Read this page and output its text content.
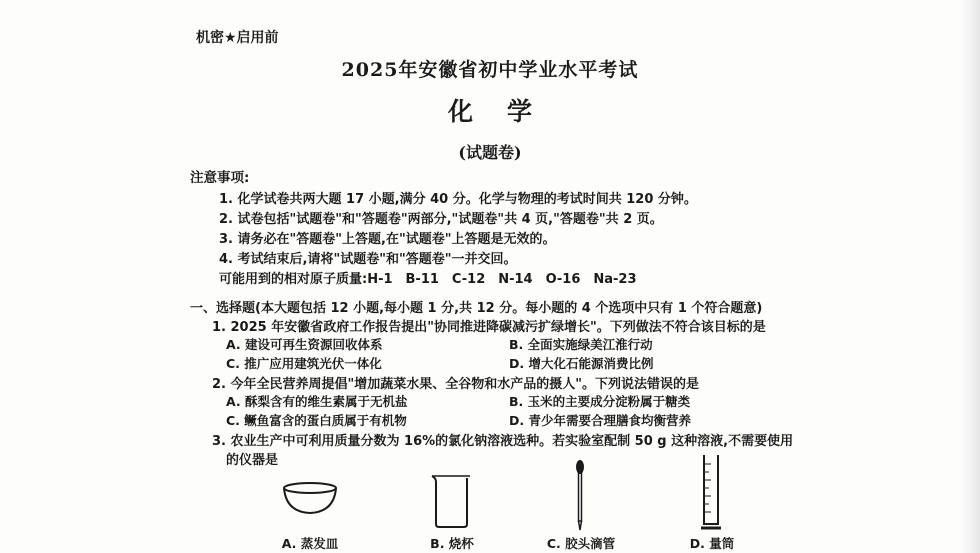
机密★启用前
2025年安徽省初中学业水平考试
化学
(试题卷)
注意事项:
1. 化学试卷共两大题 17 小题,满分 40 分。化学与物理的考试时间共 120 分钟。
2. 试卷包括"试题卷"和"答题卷"两部分,"试题卷"共 4 页,"答题卷"共 2 页。
3. 请务必在"答题卷"上答题,在"试题卷"上答题是无效的。
4. 考试结束后,请将"试题卷"和"答题卷"一并交回。
可能用到的相对原子质量:H-1　B-11　C-12　N-14　O-16　Na-23
一、选择题(本大题包括 12 小题,每小题 1 分,共 12 分。每小题的 4 个选项中只有 1 个符合题意)
1. 2025 年安徽省政府工作报告提出"协同推进降碳减污扩绿增长"。下列做法不符合该目标的是
A. 建设可再生资源回收体系	B. 全面实施绿美江淮行动
C. 推广应用建筑光伏一体化	D. 增大化石能源消费比例
2. 今年全民营养周提倡"增加蔬菜水果、全谷物和水产品的摄人"。下列说法错误的是
A. 酥梨含有的维生素属于无机盐	B. 玉米的主要成分淀粉属于糖类
C. 鳜鱼富含的蛋白质属于有机物	D. 青少年需要合理膳食均衡营养
3. 农业生产中可利用质量分数为 16%的氯化钠溶液选种。若实验室配制 50 g 这种溶液,不需要使用
的仪器是
A. 蒸发皿	B. 烧杯	C. 胶头滴管	D. 量筒
